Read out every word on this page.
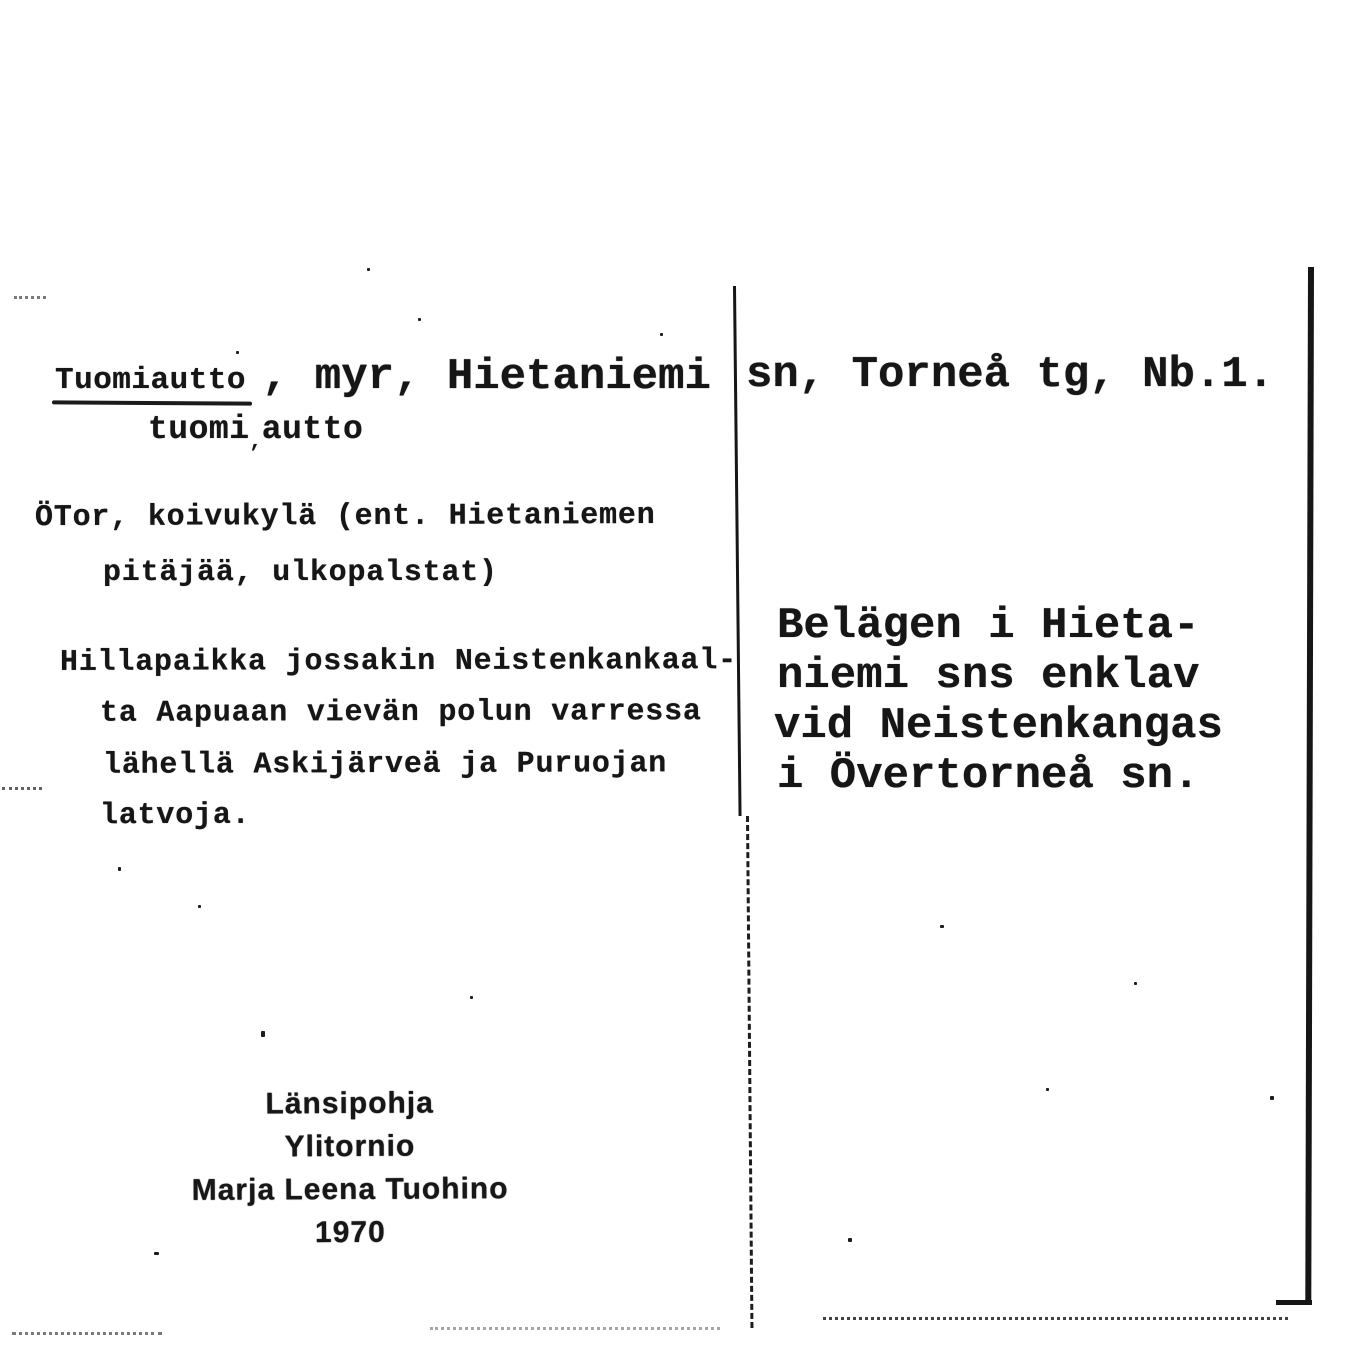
Tuomiautto , myr, Hietaniemi sn, Torneå tg, Nb.1.
tuomi$_,$autto
ÖTor, koivukylä (ent. Hietaniemen
pitäjää, ulkopalstat)
Hillapaikka jossakin Neistenkankaal-
ta Aapuaan vievän polun varressa
lähellä Askijärveä ja Puruojan
latvoja.
Belägen i Hieta-
niemi sns enklav
vid Neistenkangas
i Övertorneå sn.
Länsipohja
Ylitornio
Marja Leena Tuohino
1970
